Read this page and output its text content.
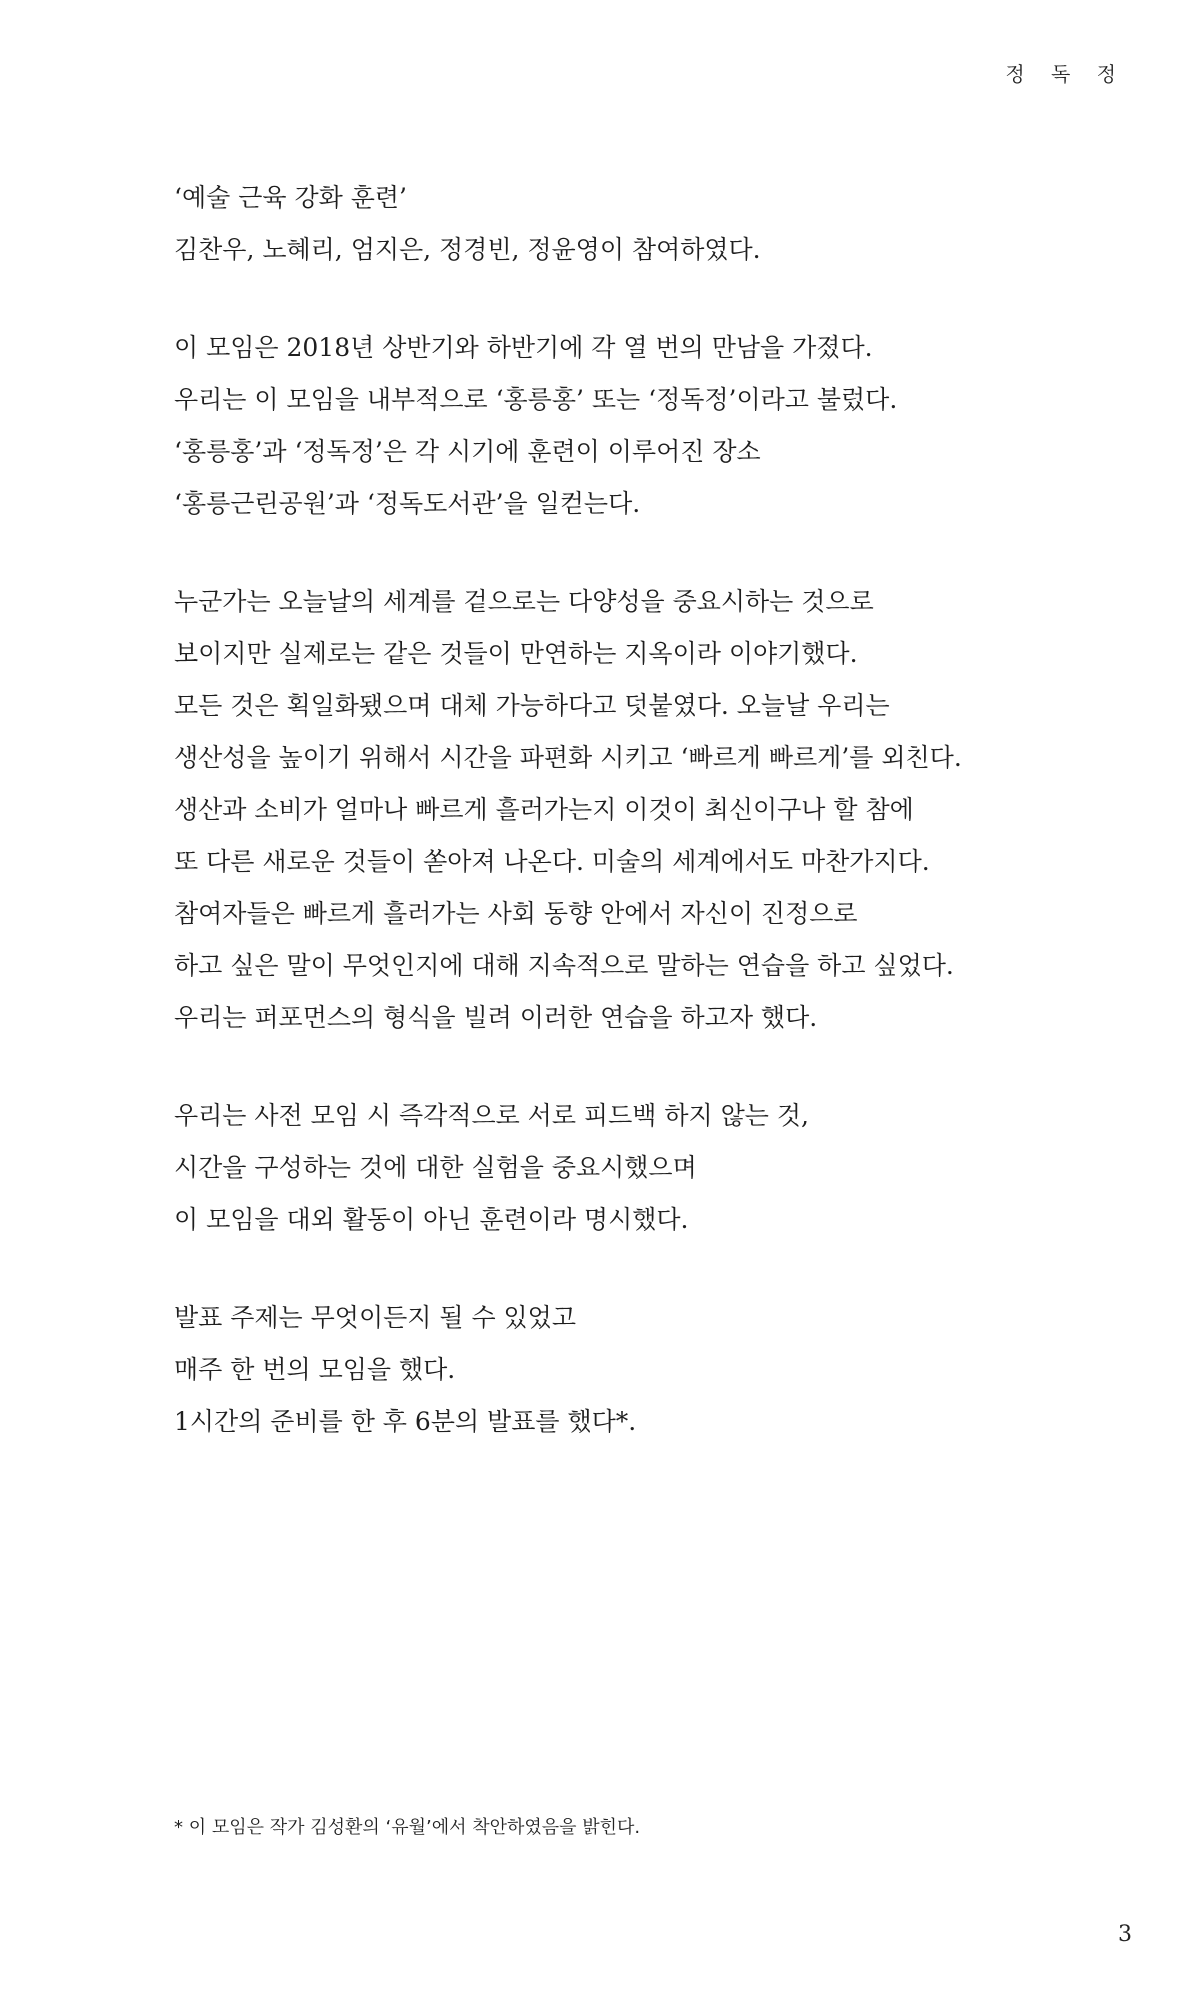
정 독 정
‘예술 근육 강화 훈련’
김찬우, 노혜리, 엄지은, 정경빈, 정윤영이 참여하였다.
이 모임은 2018년 상반기와 하반기에 각 열 번의 만남을 가졌다.
우리는 이 모임을 내부적으로 ‘홍릉홍’ 또는 ‘정독정’이라고 불렀다.
‘홍릉홍’과 ‘정독정’은 각 시기에 훈련이 이루어진 장소
‘홍릉근린공원’과 ‘정독도서관’을 일컫는다.
누군가는 오늘날의 세계를 겉으로는 다양성을 중요시하는 것으로
보이지만 실제로는 같은 것들이 만연하는 지옥이라 이야기했다.
모든 것은 획일화됐으며 대체 가능하다고 덧붙였다. 오늘날 우리는
생산성을 높이기 위해서 시간을 파편화 시키고 ‘빠르게 빠르게’를 외친다.
생산과 소비가 얼마나 빠르게 흘러가는지 이것이 최신이구나 할 참에
또 다른 새로운 것들이 쏟아져 나온다. 미술의 세계에서도 마찬가지다.
참여자들은 빠르게 흘러가는 사회 동향 안에서 자신이 진정으로
하고 싶은 말이 무엇인지에 대해 지속적으로 말하는 연습을 하고 싶었다.
우리는 퍼포먼스의 형식을 빌려 이러한 연습을 하고자 했다.
우리는 사전 모임 시 즉각적으로 서로 피드백 하지 않는 것,
시간을 구성하는 것에 대한 실험을 중요시했으며
이 모임을 대외 활동이 아닌 훈련이라 명시했다.
발표 주제는 무엇이든지 될 수 있었고
매주 한 번의 모임을 했다.
1시간의 준비를 한 후 6분의 발표를 했다*.
* 이 모임은 작가 김성환의 ‘유월’에서 착안하였음을 밝힌다.
3
